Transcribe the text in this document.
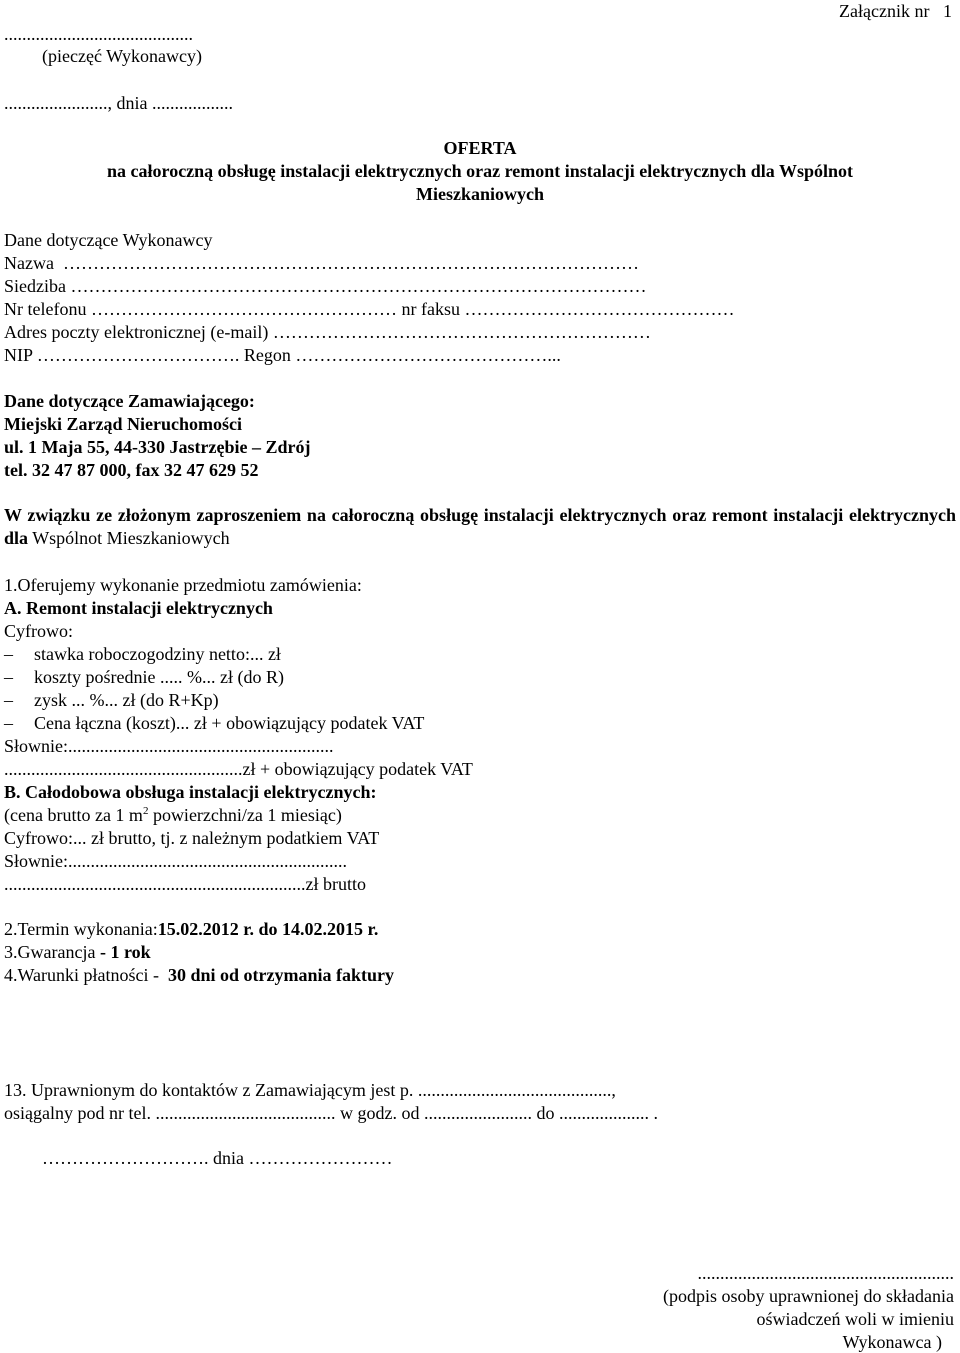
Załącznik nr   1
..........................................
(pieczęć Wykonawcy)
......................., dnia ..................
OFERTA
na całoroczną obsługę instalacji elektrycznych oraz remont instalacji elektrycznych dla Wspólnot
Mieszkaniowych
Dane dotyczące Wykonawcy
Nazwa  ……………………………………………………………………………………
Siedziba ……………………………………………………………………………………
Nr telefonu …………………………………………… nr faksu ………………………………………
Adres poczty elektronicznej (e-mail) ………………………………………………………
NIP ……………………………. Regon ……………………………………...
Dane dotyczące Zamawiającego:
Miejski Zarząd Nieruchomości
ul. 1 Maja 55, 44-330 Jastrzębie – Zdrój
tel. 32 47 87 000, fax 32 47 629 52
W związku ze złożonym zaproszeniem na całoroczną obsługę instalacji elektrycznych oraz remont instalacji elektrycznych dla Wspólnot Mieszkaniowych
1.Oferujemy wykonanie przedmiotu zamówienia:
A. Remont instalacji elektrycznych
Cyfrowo:
– stawka roboczogodziny netto:... zł
– koszty pośrednie ..... %... zł (do R)
– zysk ... %... zł (do R+Kp)
– Cena łączna (koszt)... zł + obowiązujący podatek VAT
Słownie:...........................................................
.....................................................zł + obowiązujący podatek VAT
B. Całodobowa obsługa instalacji elektrycznych:
(cena brutto za 1 $m^2$ powierzchni/za 1 miesiąc)
Cyfrowo:... zł brutto, tj. z należnym podatkiem VAT
Słownie:..............................................................
...................................................................zł brutto
2.Termin wykonania:15.02.2012 r. do 14.02.2015 r.
3.Gwarancja - 1 rok
4.Warunki płatności -  30 dni od otrzymania faktury
13. Uprawnionym do kontaktów z Zamawiającym jest p. ...........................................,
osiągalny pod nr tel. ........................................ w godz. od ........................ do .................... .
………………………. dnia ……………………
.........................................................
(podpis osoby uprawnionej do składania
oświadczeń woli w imieniu
Wykonawca )
